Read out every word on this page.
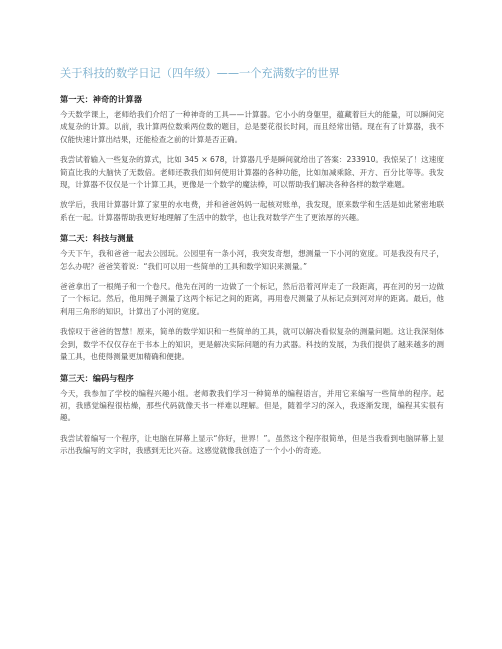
关于科技的数学日记（四年级）——一个充满数字的世界
第一天：神奇的计算器

今天数学课上，老师给我们介绍了一种神奇的工具——计算器。它小小的身躯里，蕴藏着巨大的能量，可以瞬间完成复杂的计算。以前，我计算两位数乘两位数的题目，总是要花很长时间，而且经常出错。现在有了计算器，我不仅能快速计算出结果，还能检查之前的计算是否正确。

我尝试着输入一些复杂的算式，比如 345 × 678，计算器几乎是瞬间就给出了答案：233910。我惊呆了！这速度简直比我的大脑快了无数倍。老师还教我们如何使用计算器的各种功能，比如加减乘除、开方、百分比等等。我发现，计算器不仅仅是一个计算工具，更像是一个数学的魔法棒，可以帮助我们解决各种各样的数学难题。

放学后，我用计算器计算了家里的水电费，并和爸爸妈妈一起核对账单，我发现，原来数学和生活是如此紧密地联系在一起。计算器帮助我更好地理解了生活中的数学，也让我对数学产生了更浓厚的兴趣。

第二天：科技与测量

今天下午，我和爸爸一起去公园玩。公园里有一条小河，我突发奇想，想测量一下小河的宽度。可是我没有尺子，怎么办呢？爸爸笑着说：“我们可以用一些简单的工具和数学知识来测量。”

爸爸拿出了一根绳子和一个卷尺。他先在河的一边做了一个标记，然后沿着河岸走了一段距离，再在河的另一边做了一个标记。然后，他用绳子测量了这两个标记之间的距离，再用卷尺测量了从标记点到河对岸的距离。最后，他利用三角形的知识，计算出了小河的宽度。

我惊叹于爸爸的智慧！原来，简单的数学知识和一些简单的工具，就可以解决看似复杂的测量问题。这让我深刻体会到，数学不仅仅存在于书本上的知识，更是解决实际问题的有力武器。科技的发展，为我们提供了越来越多的测量工具，也使得测量更加精确和便捷。

第三天：编码与程序

今天，我参加了学校的编程兴趣小组。老师教我们学习一种简单的编程语言，并用它来编写一些简单的程序。起初，我感觉编程很枯燥，那些代码就像天书一样难以理解。但是，随着学习的深入，我逐渐发现，编程其实很有趣。

我尝试着编写一个程序，让电脑在屏幕上显示“你好，世界！”。虽然这个程序很简单，但是当我看到电脑屏幕上显示出我编写的文字时，我感到无比兴奋。这感觉就像我创造了一个小小的奇迹。
